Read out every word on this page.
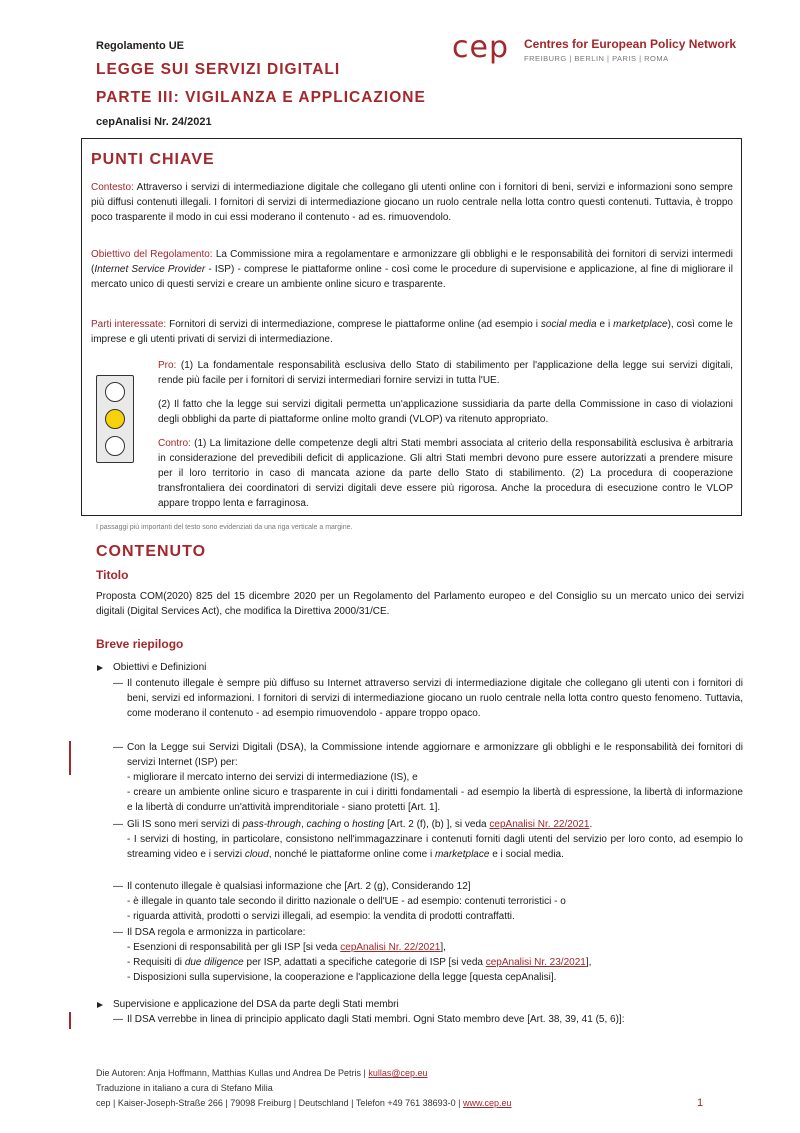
Regolamento UE
LEGGE SUI SERVIZI DIGITALI
PARTE III: VIGILANZA E APPLICAZIONE
cepAnalisi Nr. 24/2021
cep Centres for European Policy Network
FREIBURG | BERLIN | PARIS | ROMA
PUNTI CHIAVE
Contesto: Attraverso i servizi di intermediazione digitale che collegano gli utenti online con i fornitori di beni, servizi e informazioni sono sempre più diffusi contenuti illegali. I fornitori di servizi di intermediazione giocano un ruolo centrale nella lotta contro questi contenuti. Tuttavia, è troppo poco trasparente il modo in cui essi moderano il contenuto - ad es. rimuovendolo.
Obiettivo del Regolamento: La Commissione mira a regolamentare e armonizzare gli obblighi e le responsabilità dei fornitori di servizi intermedi (Internet Service Provider - ISP) - comprese le piattaforme online - così come le procedure di supervisione e applicazione, al fine di migliorare il mercato unico di questi servizi e creare un ambiente online sicuro e trasparente.
Parti interessate: Fornitori di servizi di intermediazione, comprese le piattaforme online (ad esempio i social media e i marketplace), così come le imprese e gli utenti privati di servizi di intermediazione.
Pro: (1) La fondamentale responsabilità esclusiva dello Stato di stabilimento per l'applicazione della legge sui servizi digitali, rende più facile per i fornitori di servizi intermediari fornire servizi in tutta l'UE.
(2) Il fatto che la legge sui servizi digitali permetta un'applicazione sussidiaria da parte della Commissione in caso di violazioni degli obblighi da parte di piattaforme online molto grandi (VLOP) va ritenuto appropriato.
Contro: (1) La limitazione delle competenze degli altri Stati membri associata al criterio della responsabilità esclusiva è arbitraria in considerazione del prevedibili deficit di applicazione. Gli altri Stati membri devono pure essere autorizzati a prendere misure per il loro territorio in caso di mancata azione da parte dello Stato di stabilimento. (2) La procedura di cooperazione transfrontaliera dei coordinatori di servizi digitali deve essere più rigorosa. Anche la procedura di esecuzione contro le VLOP appare troppo lenta e farraginosa.
I passaggi più importanti del testo sono evidenziati da una riga verticale a margine.
CONTENUTO
Titolo
Proposta COM(2020) 825 del 15 dicembre 2020 per un Regolamento del Parlamento europeo e del Consiglio su un mercato unico dei servizi digitali (Digital Services Act), che modifica la Direttiva 2000/31/CE.
Breve riepilogo
Obiettivi e Definizioni
— Il contenuto illegale è sempre più diffuso su Internet attraverso servizi di intermediazione digitale che collegano gli utenti con i fornitori di beni, servizi ed informazioni. I fornitori di servizi di intermediazione giocano un ruolo centrale nella lotta contro questo fenomeno. Tuttavia, come moderano il contenuto - ad esempio rimuovendolo - appare troppo opaco.
— Con la Legge sui Servizi Digitali (DSA), la Commissione intende aggiornare e armonizzare gli obblighi e le responsabilità dei fornitori di servizi Internet (ISP) per:
- migliorare il mercato interno dei servizi di intermediazione (IS), e
- creare un ambiente online sicuro e trasparente in cui i diritti fondamentali - ad esempio la libertà di espressione, la libertà di informazione e la libertà di condurre un'attività imprenditoriale - siano protetti [Art. 1].
— Gli IS sono meri servizi di pass-through, caching o hosting [Art. 2 (f), (b) ], si veda cepAnalisi Nr. 22/2021.
- I servizi di hosting, in particolare, consistono nell'immagazzinare i contenuti forniti dagli utenti del servizio per loro conto, ad esempio lo streaming video e i servizi cloud, nonché le piattaforme online come i marketplace e i social media.
— Il contenuto illegale è qualsiasi informazione che [Art. 2 (g), Considerando 12]
- è illegale in quanto tale secondo il diritto nazionale o dell'UE - ad esempio: contenuti terroristici - o
- riguarda attività, prodotti o servizi illegali, ad esempio: la vendita di prodotti contraffatti.
— Il DSA regola e armonizza in particolare:
- Esenzioni di responsabilità per gli ISP [si veda cepAnalisi Nr. 22/2021],
- Requisiti di due diligence per ISP, adattati a specifiche categorie di ISP [si veda cepAnalisi Nr. 23/2021],
- Disposizioni sulla supervisione, la cooperazione e l'applicazione della legge [questa cepAnalisi].
Supervisione e applicazione del DSA da parte degli Stati membri
— Il DSA verrebbe in linea di principio applicato dagli Stati membri. Ogni Stato membro deve [Art. 38, 39, 41 (5, 6)]:
Die Autoren: Anja Hoffmann, Matthias Kullas und Andrea De Petris | kullas@cep.eu
Traduzione in italiano a cura di Stefano Milia
cep | Kaiser-Joseph-Straße 266 | 79098 Freiburg | Deutschland | Telefon +49 761 38693-0 | www.cep.eu	1
